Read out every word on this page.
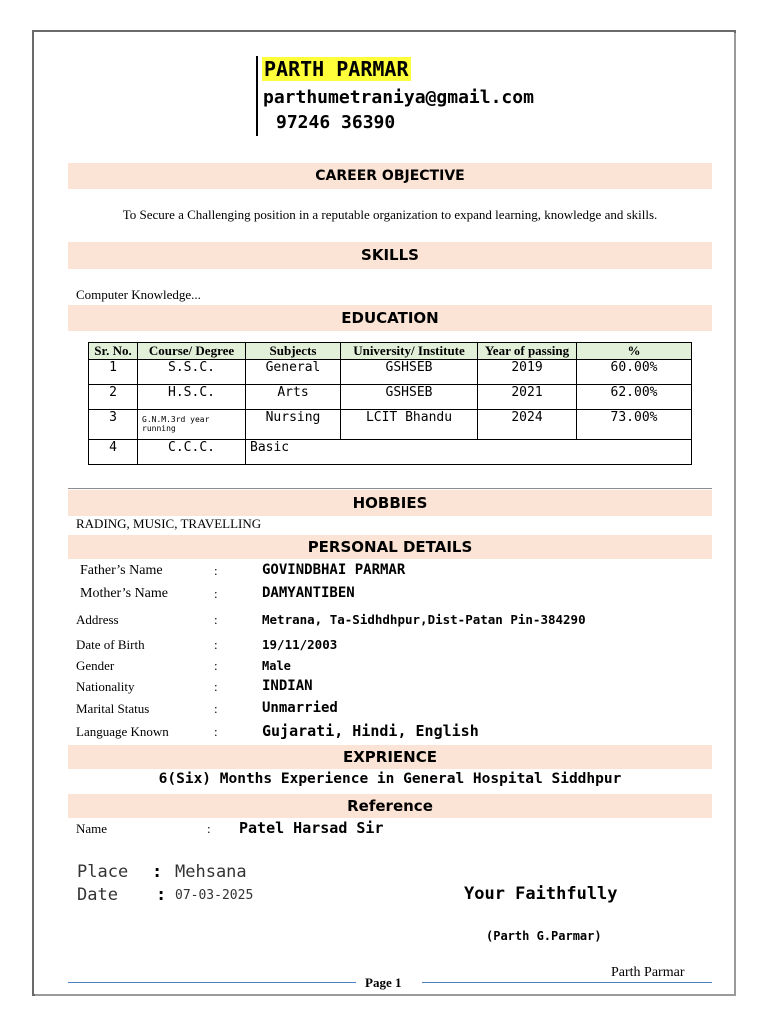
PARTH PARMAR
parthumetraniya@gmail.com
97246 36390
CAREER OBJECTIVE
To Secure a Challenging position in a reputable organization to expand learning, knowledge and skills.
SKILLS
Computer Knowledge...
EDUCATION
Sr. No.	Course/ Degree	Subjects	University/ Institute	Year of passing	%
1	S.S.C.	General	GSHSEB	2019	60.00%
2	H.S.C.	Arts	GSHSEB	2021	62.00%
3	G.N.M.3rd year running	Nursing	LCIT Bhandu	2024	73.00%
4	C.C.C.	Basic			
HOBBIES
RADING, MUSIC, TRAVELLING
PERSONAL DETAILS
Father’s Name	:	GOVINDBHAI PARMAR
Mother’s Name	:	DAMYANTIBEN
Address	:	Metrana, Ta-Sidhdhpur,Dist-Patan Pin-384290
Date of Birth	:	19/11/2003
Gender	:	Male
Nationality	:	INDIAN
Marital Status	:	Unmarried
Language Known	:	Gujarati, Hindi, English
EXPRIENCE
6(Six) Months Experience in General Hospital Siddhpur
Reference
Name	: Patel Harsad Sir
Place : Mehsana
Date : 07-03-2025	Your Faithfully
(Parth G.Parmar)
Parth Parmar
Page 1
